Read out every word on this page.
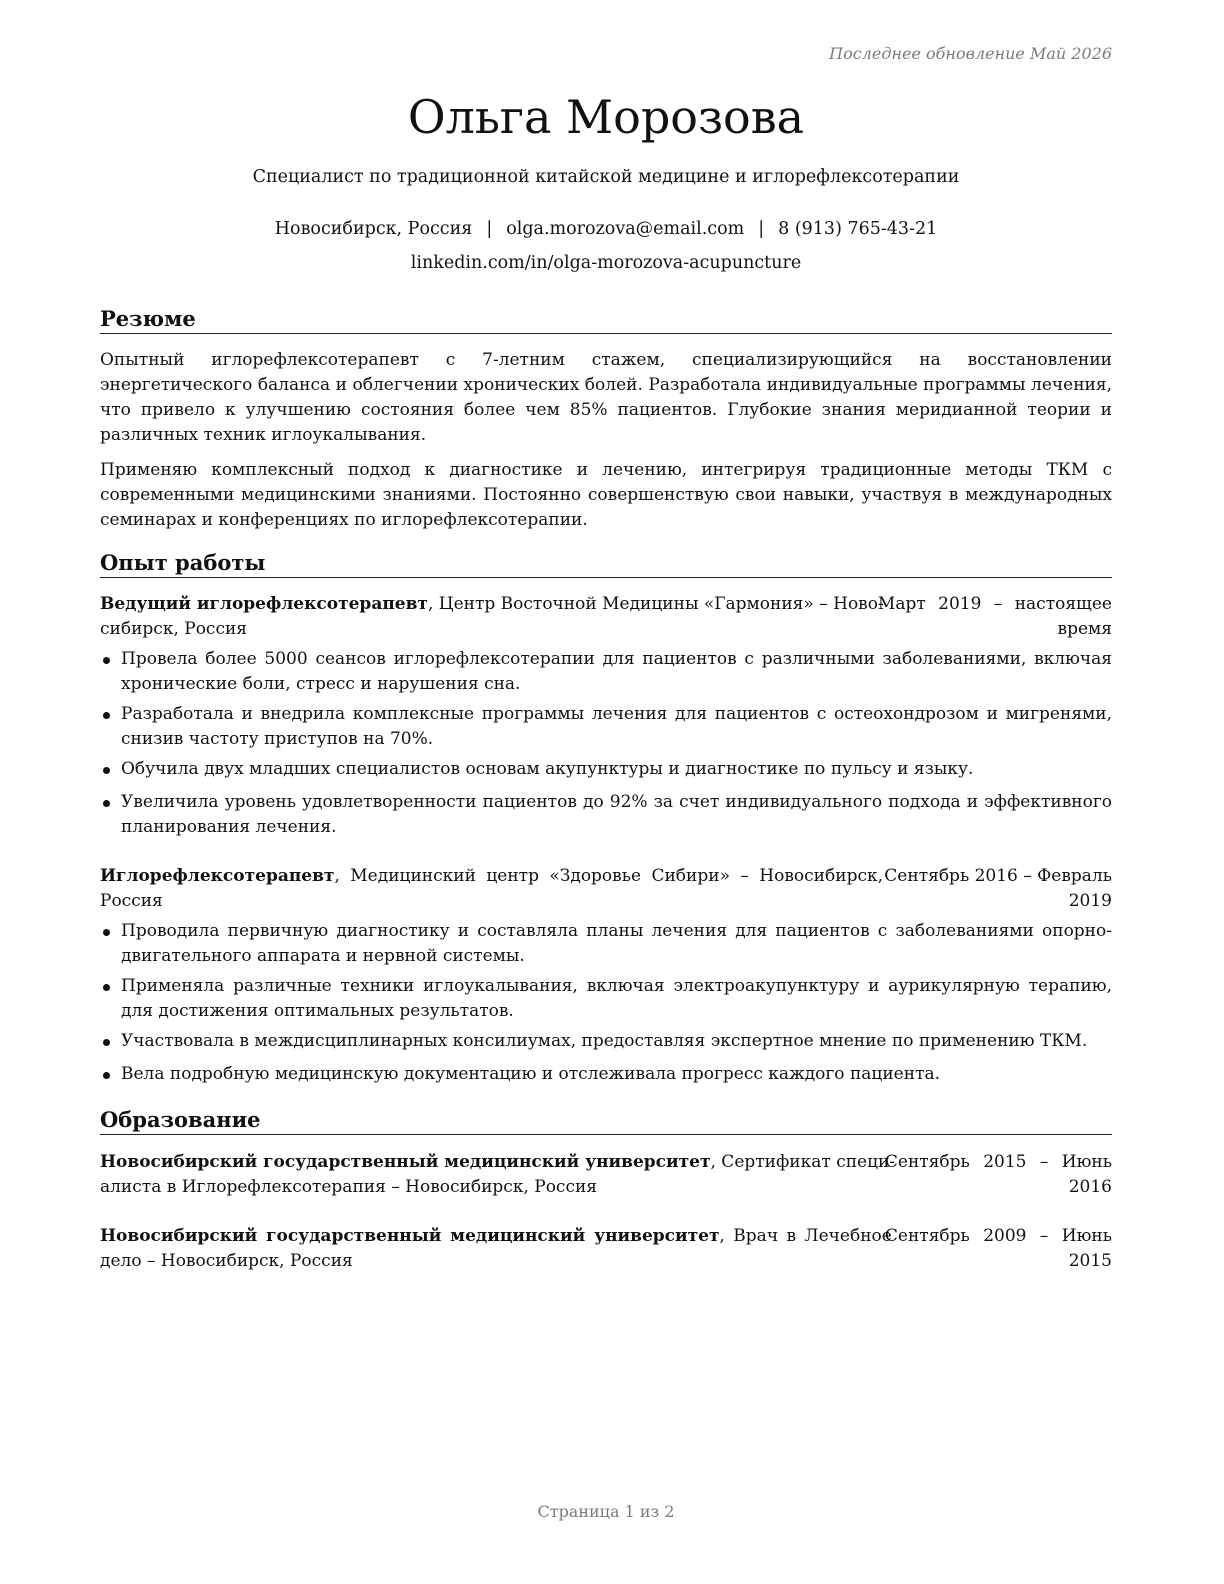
Последнее обновление Май 2026
Ольга Морозова
Специалист по традиционной китайской медицине и иглорефлексотерапии
Новосибирск, Россия | olga.morozova@email.com | 8 (913) 765-43-21
linkedin.com/in/olga-morozova-acupuncture
Резюме
Опытный иглорефлексотерапевт с 7-летним стажем, специализирующийся на восстановлении энергетического баланса и облегчении хронических болей. Разработала индивидуальные программы лечения, что привело к улучшению состояния более чем 85% пациентов. Глубокие знания меридианной теории и различных техник иглоукалывания.
Применяю комплексный подход к диагностике и лечению, интегрируя традиционные методы ТКМ с современными медицинскими знаниями. Постоянно совершенствую свои навыки, участвуя в международных семинарах и конференциях по иглорефлексотерапии.
Опыт работы
Ведущий иглорефлексотерапевт, Центр Восточной Медицины «Гармония» – Ново-
сибирск, Россия
Март 2019 – настоящее
время
Провела более 5000 сеансов иглорефлексотерапии для пациентов с различными заболеваниями, включая хронические боли, стресс и нарушения сна.
Разработала и внедрила комплексные программы лечения для пациентов с остеохондрозом и мигренями, снизив частоту приступов на 70%.
Обучила двух младших специалистов основам акупунктуры и диагностике по пульсу и языку.
Увеличила уровень удовлетворенности пациентов до 92% за счет индивидуального подхода и эффективного планирования лечения.
Иглорефлексотерапевт, Медицинский центр «Здоровье Сибири» – Новосибирск,
Россия
Сентябрь 2016 – Февраль
2019
Проводила первичную диагностику и составляла планы лечения для пациентов с заболеваниями опорно-двигательного аппарата и нервной системы.
Применяла различные техники иглоукалывания, включая электроакупунктуру и аурикулярную терапию, для достижения оптимальных результатов.
Участвовала в междисциплинарных консилиумах, предоставляя экспертное мнение по применению ТКМ.
Вела подробную медицинскую документацию и отслеживала прогресс каждого пациента.
Образование
Новосибирский государственный медицинский университет, Сертификат специ-
алиста в Иглорефлексотерапия – Новосибирск, Россия
Сентябрь 2015 – Июнь
2016
Новосибирский государственный медицинский университет, Врач в Лечебное
дело – Новосибирск, Россия
Сентябрь 2009 – Июнь
2015
Страница 1 из 2
